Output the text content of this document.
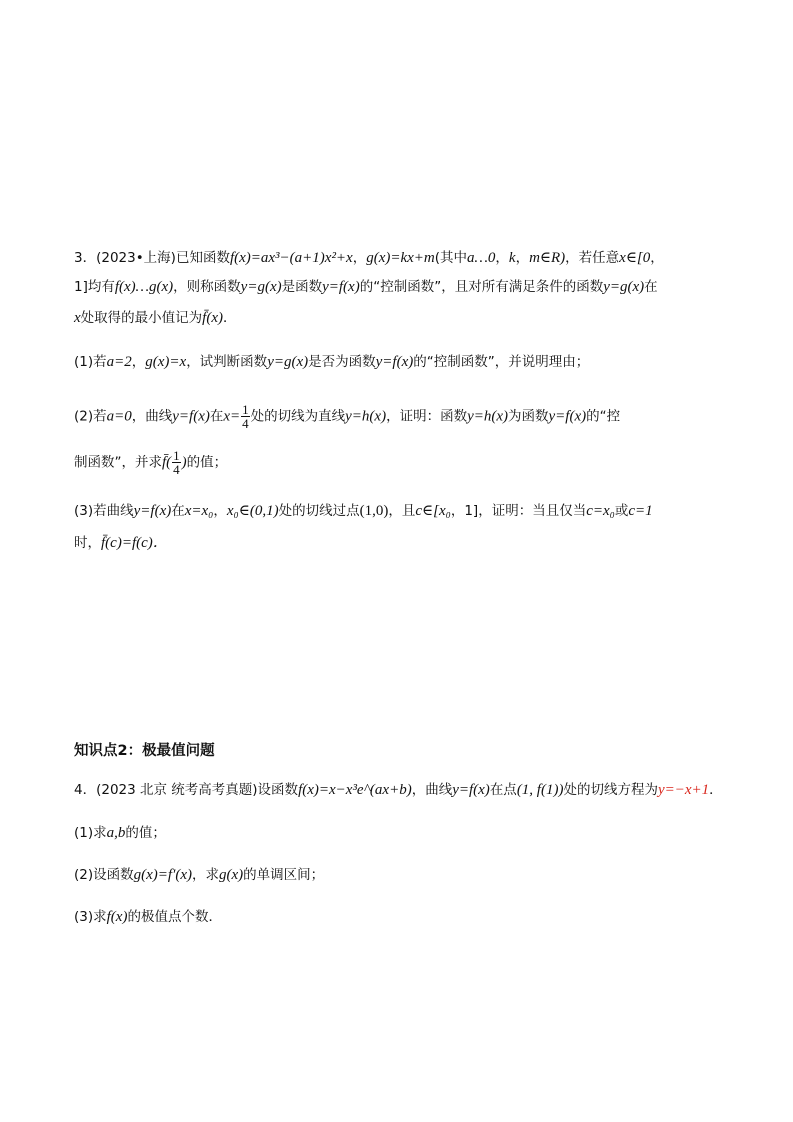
3．(2023•上海)已知函数f(x)=ax³−(a+1)x²+x，g(x)=kx+m(其中a…0，k，m∈R)，若任意x∈[0，
1]均有f(x)…g(x)，则称函数y=g(x)是函数y=f(x)的“控制函数”，且对所有满足条件的函数y=g(x)在
x处取得的最小值记为f̄(x)．
(1)若a=2，g(x)=x，试判断函数y=g(x)是否为函数y=f(x)的“控制函数”，并说明理由；
(2)若a=0，曲线y=f(x)在$x= \frac{1}{4}$ 处的切线为直线y=h(x)，证明：函数y=h(x)为函数y=f(x)的“控
制函数”，并求f̄( $\frac{1}{4}$ )的值；
(3)若曲线y=f(x)在x=x₀，x₀∈(0,1)处的切线过点(1,0)，且c∈[x₀，1]，证明：当且仅当c=x₀或c=1
时，f̄(c)=f(c)．
知识点2：极最值问题
4．(2023 北京 统考高考真题)设函数f(x)=x−x³e^(ax+b)，曲线y=f(x)在点(1, f(1))处的切线方程为y=−x+1．
(1)求a,b的值；
(2)设函数g(x)=f′(x)，求g(x)的单调区间；
(3)求f(x)的极值点个数．
